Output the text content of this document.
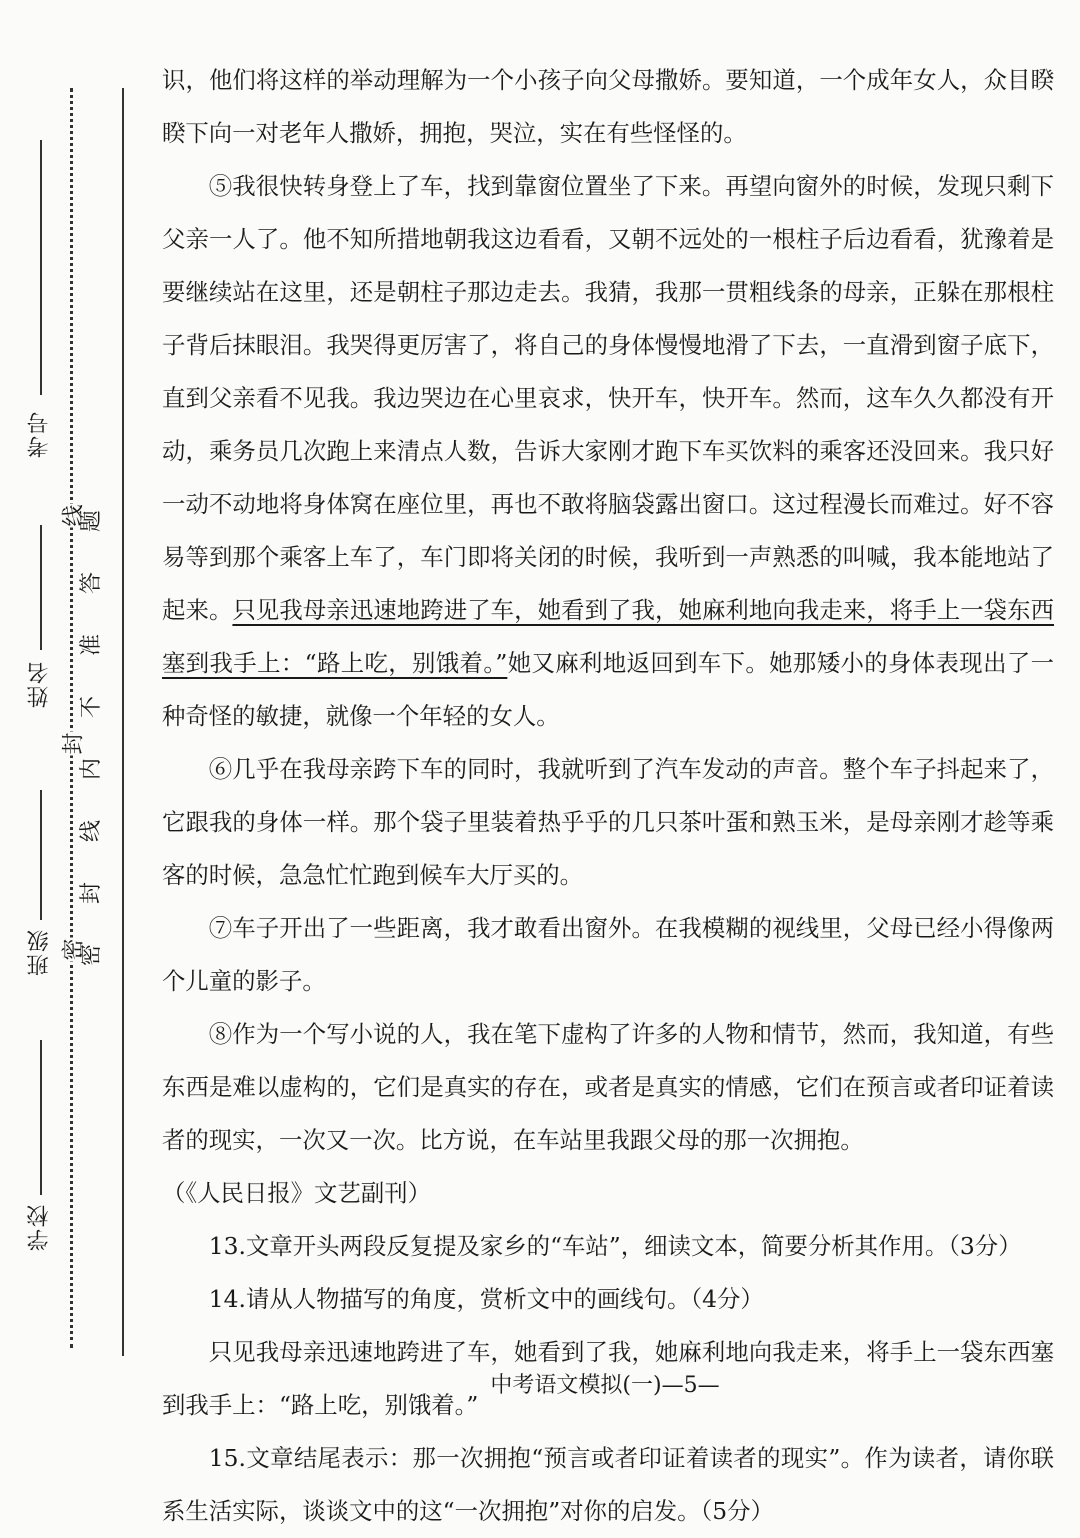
考号
姓名
班级
学校
线
封
密
题
答
准
不
内
线
封
密

识，他们将这样的举动理解为一个小孩子向父母撒娇。要知道，一个成年女人，众目睽睽下向一对老年人撒娇，拥抱，哭泣，实在有些怪怪的。

⑤我很快转身登上了车，找到靠窗位置坐了下来。再望向窗外的时候，发现只剩下父亲一人了。他不知所措地朝我这边看看，又朝不远处的一根柱子后边看看，犹豫着是要继续站在这里，还是朝柱子那边走去。我猜，我那一贯粗线条的母亲，正躲在那根柱子背后抹眼泪。我哭得更厉害了，将自己的身体慢慢地滑了下去，一直滑到窗子底下，直到父亲看不见我。我边哭边在心里哀求，快开车，快开车。然而，这车久久都没有开动，乘务员几次跑上来清点人数，告诉大家刚才跑下车买饮料的乘客还没回来。我只好一动不动地将身体窝在座位里，再也不敢将脑袋露出窗口。这过程漫长而难过。好不容易等到那个乘客上车了，车门即将关闭的时候，我听到一声熟悉的叫喊，我本能地站了起来。只见我母亲迅速地跨进了车，她看到了我，她麻利地向我走来，将手上一袋东西塞到我手上：“路上吃，别饿着。”她又麻利地返回到车下。她那矮小的身体表现出了一种奇怪的敏捷，就像一个年轻的女人。

⑥几乎在我母亲跨下车的同时，我就听到了汽车发动的声音。整个车子抖起来了，它跟我的身体一样。那个袋子里装着热乎乎的几只茶叶蛋和熟玉米，是母亲刚才趁等乘客的时候，急急忙忙跑到候车大厅买的。

⑦车子开出了一些距离，我才敢看出窗外。在我模糊的视线里，父母已经小得像两个儿童的影子。

⑧作为一个写小说的人，我在笔下虚构了许多的人物和情节，然而，我知道，有些东西是难以虚构的，它们是真实的存在，或者是真实的情感，它们在预言或者印证着读者的现实，一次又一次。比方说，在车站里我跟父母的那一次拥抱。

（《人民日报》文艺副刊）

13.文章开头两段反复提及家乡的“车站”，细读文本，简要分析其作用。（3分）

14.请从人物描写的角度，赏析文中的画线句。（4分）

只见我母亲迅速地跨进了车，她看到了我，她麻利地向我走来，将手上一袋东西塞到我手上：“路上吃，别饿着。”

15.文章结尾表示：那一次拥抱“预言或者印证着读者的现实”。作为读者，请你联系生活实际，谈谈文中的这“一次拥抱”对你的启发。（5分）

中考语文模拟(一)—5—
